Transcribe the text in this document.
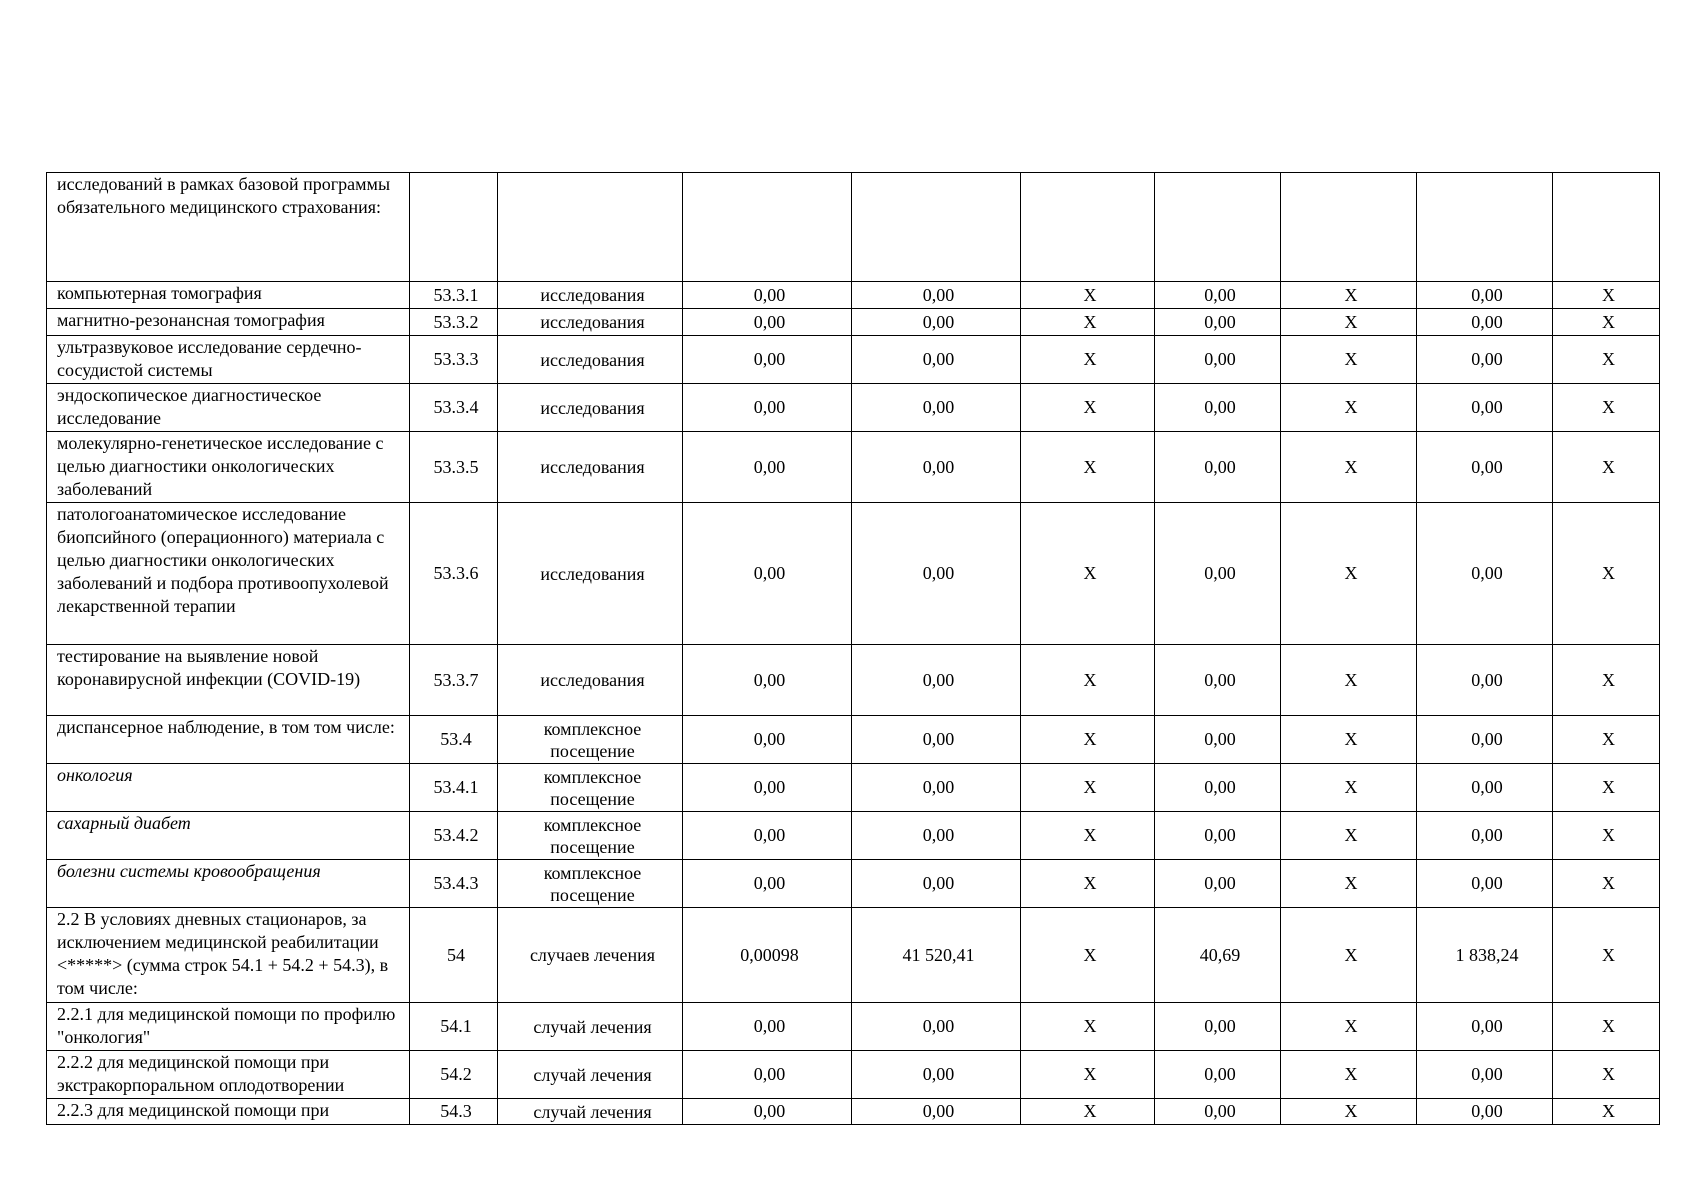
исследований в рамках базовой программы обязательного медицинского страхования:									
компьютерная томография	53.3.1	исследования	0,00	0,00	X	0,00	X	0,00	X
магнитно-резонансная томография	53.3.2	исследования	0,00	0,00	X	0,00	X	0,00	X
ультразвуковое исследование сердечно-сосудистой системы	53.3.3	исследования	0,00	0,00	X	0,00	X	0,00	X
эндоскопическое диагностическое исследование	53.3.4	исследования	0,00	0,00	X	0,00	X	0,00	X
молекулярно-генетическое исследование с целью диагностики онкологических заболеваний	53.3.5	исследования	0,00	0,00	X	0,00	X	0,00	X
патологоанатомическое исследование биопсийного (операционного) материала с целью диагностики онкологических заболеваний и подбора противоопухолевой лекарственной терапии	53.3.6	исследования	0,00	0,00	X	0,00	X	0,00	X
тестирование на выявление новой коронавирусной инфекции (COVID-19)	53.3.7	исследования	0,00	0,00	X	0,00	X	0,00	X
диспансерное наблюдение, в том том числе:	53.4	комплексное посещение	0,00	0,00	X	0,00	X	0,00	X
онкология	53.4.1	комплексное посещение	0,00	0,00	X	0,00	X	0,00	X
сахарный диабет	53.4.2	комплексное посещение	0,00	0,00	X	0,00	X	0,00	X
болезни системы кровообращения	53.4.3	комплексное посещение	0,00	0,00	X	0,00	X	0,00	X
2.2 В условиях дневных стационаров, за исключением медицинской реабилитации <*****> (сумма строк 54.1 + 54.2 + 54.3), в том числе:	54	случаев лечения	0,00098	41 520,41	X	40,69	X	1 838,24	X
2.2.1 для медицинской помощи по профилю "онкология"	54.1	случай лечения	0,00	0,00	X	0,00	X	0,00	X
2.2.2 для медицинской помощи при экстракорпоральном оплодотворении	54.2	случай лечения	0,00	0,00	X	0,00	X	0,00	X
2.2.3 для медицинской помощи при	54.3	случай лечения	0,00	0,00	X	0,00	X	0,00	X
